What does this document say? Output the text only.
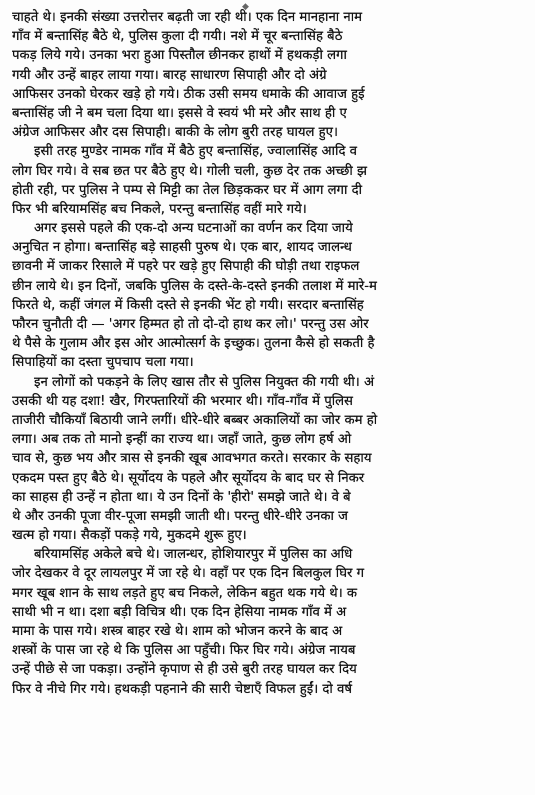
◆
चाहते थे। इनकी संख्या उत्तरोत्तर बढ़ती जा रही थी। एक दिन मानहाना नाम
गाँव में बन्तासिंह बैठे थे, पुलिस कुला दी गयी। नशे में चूर बन्तासिंह बैठे
पकड़ लिये गये। उनका भरा हुआ पिस्तौल छीनकर हाथों में हथकड़ी लगा
गयी और उन्हें बाहर लाया गया। बारह साधारण सिपाही और दो अंग्रे
आफिसर उनको घेरकर खड़े हो गये। ठीक उसी समय धमाके की आवाज हुई
बन्तासिंह जी ने बम चला दिया था। इससे वे स्वयं भी मरे और साथ ही ए
अंग्रेज आफिसर और दस सिपाही। बाकी के लोग बुरी तरह घायल हुए।
इसी तरह मुण्डेर नामक गाँव में बैठे हुए बन्तासिंह, ज्वालासिंह आदि व
लोग घिर गये। वे सब छत पर बैठे हुए थे। गोली चली, कुछ देर तक अच्छी झ
होती रही, पर पुलिस ने पम्प से मिट्टी का तेल छिड़ककर घर में आग लगा दी
फिर भी बरियामसिंह बच निकले, परन्तु बन्तासिंह वहीं मारे गये।
अगर इससे पहले की एक-दो अन्य घटनाओं का वर्णन कर दिया जाये
अनुचित न होगा। बन्तासिंह बड़े साहसी पुरुष थे। एक बार, शायद जालन्ध
छावनी में जाकर रिसाले में पहरे पर खड़े हुए सिपाही की घोड़ी तथा राइफल
छीन लाये थे। इन दिनों, जबकि पुलिस के दस्ते-के-दस्ते इनकी तलाश में मारे-म
फिरते थे, कहीं जंगल में किसी दस्ते से इनकी भेंट हो गयी। सरदार बन्तासिंह
फौरन चुनौती दी — 'अगर हिम्मत हो तो दो-दो हाथ कर लो।' परन्तु उस ओर
थे पैसे के गुलाम और इस ओर आत्मोत्सर्ग के इच्छुक। तुलना कैसे हो सकती है
सिपाहियों का दस्ता चुपचाप चला गया।
इन लोगों को पकड़ने के लिए खास तौर से पुलिस नियुक्त की गयी थी। अं
उसकी थी यह दशा! खैर, गिरफ्तारियों की भरमार थी। गाँव-गाँव में पुलिस
ताजीरी चौकियाँ बिठायी जाने लगीं। धीरे-धीरे बब्बर अकालियों का जोर कम हो
लगा। अब तक तो मानो इन्हीं का राज्य था। जहाँ जाते, कुछ लोग हर्ष ओ
चाव से, कुछ भय और त्रास से इनकी खूब आवभगत करते। सरकार के सहाय
एकदम पस्त हुए बैठे थे। सूर्योदय के पहले और सूर्योदय के बाद घर से निकर
का साहस ही उन्हें न होता था। ये उन दिनों के 'हीरो' समझे जाते थे। वे बे
थे और उनकी पूजा वीर-पूजा समझी जाती थी। परन्तु धीरे-धीरे उनका ज
खत्म हो गया। सैकड़ों पकड़े गये, मुकदमे शुरू हुए।
बरियामसिंह अकेले बचे थे। जालन्धर, होशियारपुर में पुलिस का अधि
जोर देखकर वे दूर लायलपुर में जा रहे थे। वहाँ पर एक दिन बिलकुल घिर ग
मगर खूब शान के साथ लड़ते हुए बच निकले, लेकिन बहुत थक गये थे। क
साथी भी न था। दशा बड़ी विचित्र थी। एक दिन हेसिया नामक गाँव में अ
मामा के पास गये। शस्त्र बाहर रखे थे। शाम को भोजन करने के बाद अ
शस्त्रों के पास जा रहे थे कि पुलिस आ पहुँची। फिर घिर गये। अंग्रेज नायब
उन्हें पीछे से जा पकड़ा। उन्होंने कृपाण से ही उसे बुरी तरह घायल कर दिय
फिर वे नीचे गिर गये। हथकड़ी पहनाने की सारी चेष्टाएँ विफल हुईं। दो वर्ष
